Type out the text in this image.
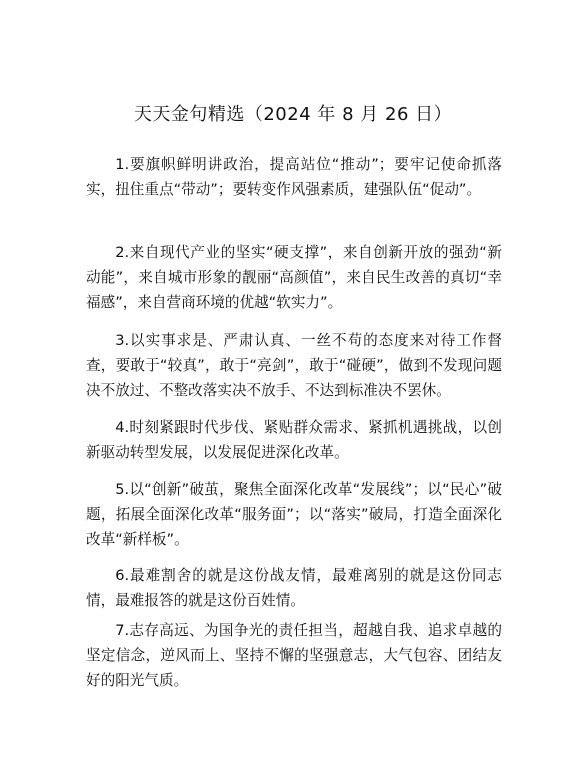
天天金句精选（2024 年 8 月 26 日）

1.要旗帜鲜明讲政治，提高站位“推动”；要牢记使命抓落实，扭住重点“带动”；要转变作风强素质，建强队伍“促动”。

2.来自现代产业的坚实“硬支撑”，来自创新开放的强劲“新动能”，来自城市形象的靓丽“高颜值”，来自民生改善的真切“幸福感”，来自营商环境的优越“软实力”。

3.以实事求是、严肃认真、一丝不苟的态度来对待工作督查，要敢于“较真”，敢于“亮剑”，敢于“碰硬”，做到不发现问题决不放过、不整改落实决不放手、不达到标准决不罢休。

4.时刻紧跟时代步伐、紧贴群众需求、紧抓机遇挑战，以创新驱动转型发展，以发展促进深化改革。

5.以“创新”破茧，聚焦全面深化改革“发展线”；以“民心”破题，拓展全面深化改革“服务面”；以“落实”破局，打造全面深化改革“新样板”。

6.最难割舍的就是这份战友情，最难离别的就是这份同志情，最难报答的就是这份百姓情。

7.志存高远、为国争光的责任担当，超越自我、追求卓越的坚定信念，逆风而上、坚持不懈的坚强意志，大气包容、团结友好的阳光气质。
